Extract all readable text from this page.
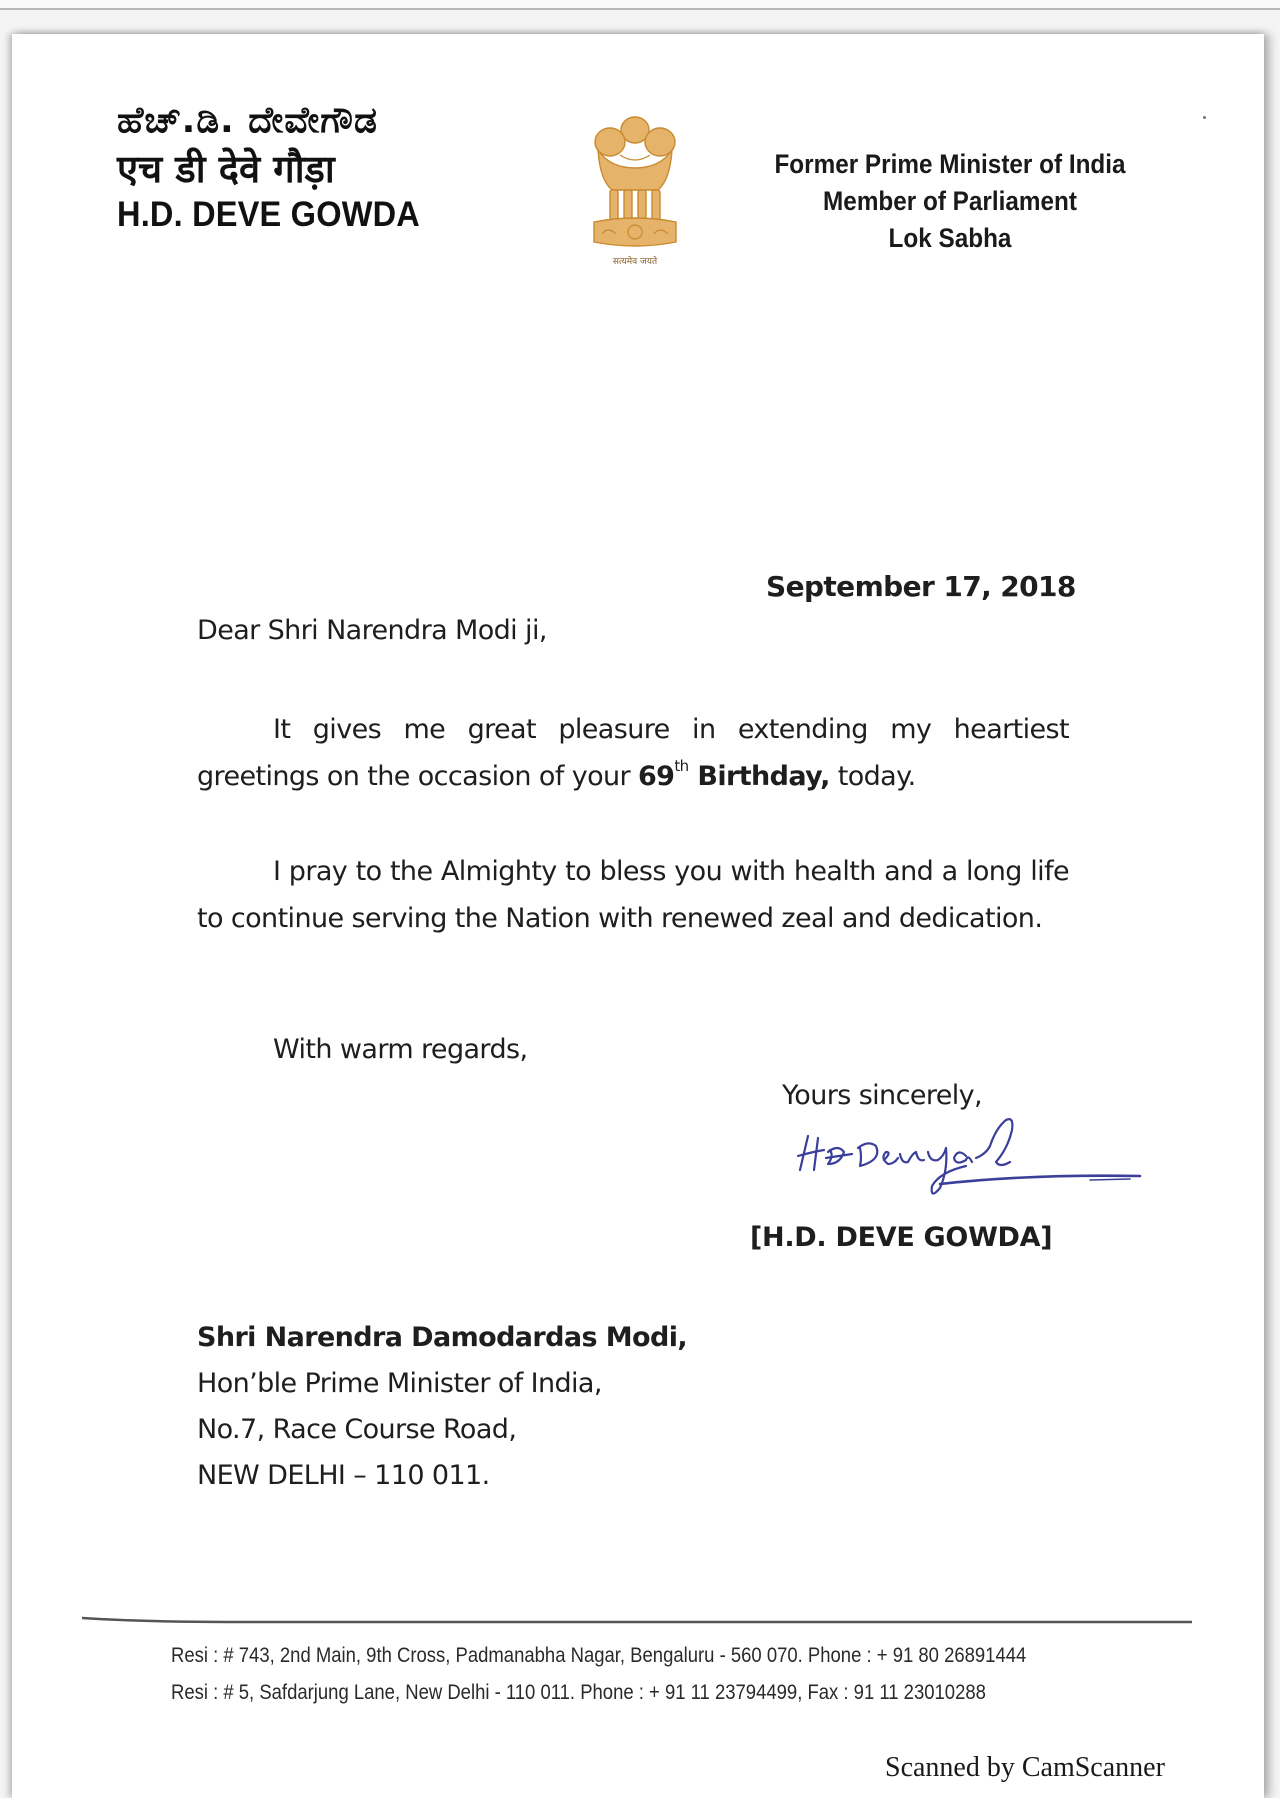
ಹೆಚ್.ಡಿ. ದೇವೇಗೌಡ
एच डी देवे गौड़ा
H.D. DEVE GOWDA
सत्यमेव जयते
Former Prime Minister of India
Member of Parliament
Lok Sabha
September 17, 2018
Dear Shri Narendra Modi ji,
It gives me great pleasure in extending my heartiest greetings on the occasion of your 69th Birthday, today.
I pray to the Almighty to bless you with health and a long life to continue serving the Nation with renewed zeal and dedication.
With warm regards,
Yours sincerely,
[H.D. DEVE GOWDA]
Shri Narendra Damodardas Modi,
Hon’ble Prime Minister of India,
No.7, Race Course Road,
NEW DELHI – 110 011.
Resi : # 743, 2nd Main, 9th Cross, Padmanabha Nagar, Bengaluru - 560 070. Phone : + 91 80 26891444
Resi : # 5, Safdarjung Lane, New Delhi - 110 011. Phone : + 91 11 23794499, Fax : 91 11 23010288
Scanned by CamScanner
